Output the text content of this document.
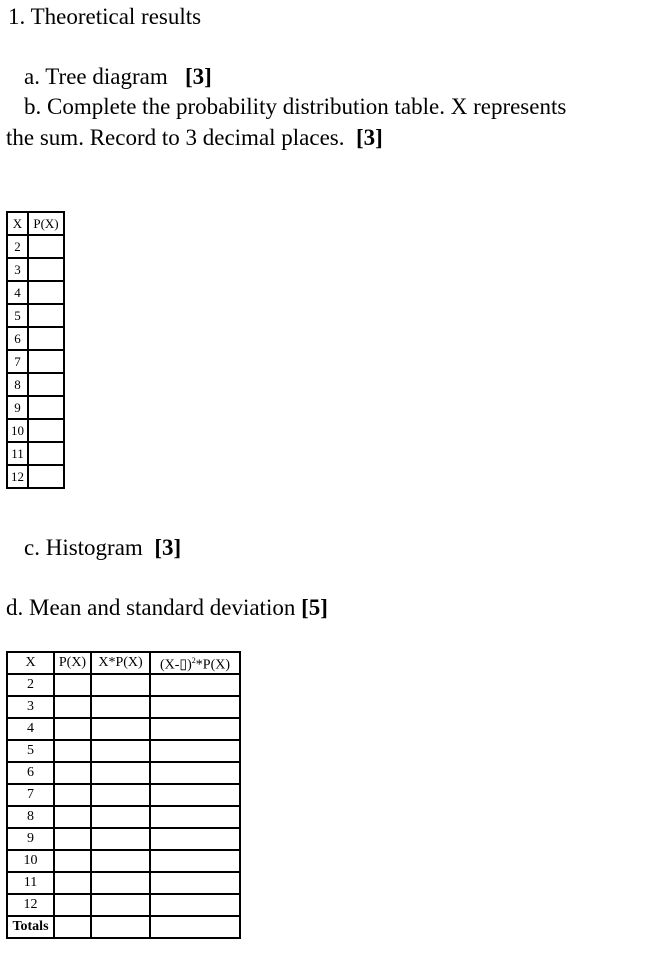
1. Theoretical results
a. Tree diagram [3]
b. Complete the probability distribution table. X represents
the sum. Record to 3 decimal places. [3]
X	P(X)
2	
3	
4	
5	
6	
7	
8	
9	
10	
11	
12	
c. Histogram [3]
d. Mean and standard deviation [5]
X	P(X)	X*P(X)	(X-▯)$^2$*P(X)
2			
3			
4			
5			
6			
7			
8			
9			
10			
11			
12			
Totals			
